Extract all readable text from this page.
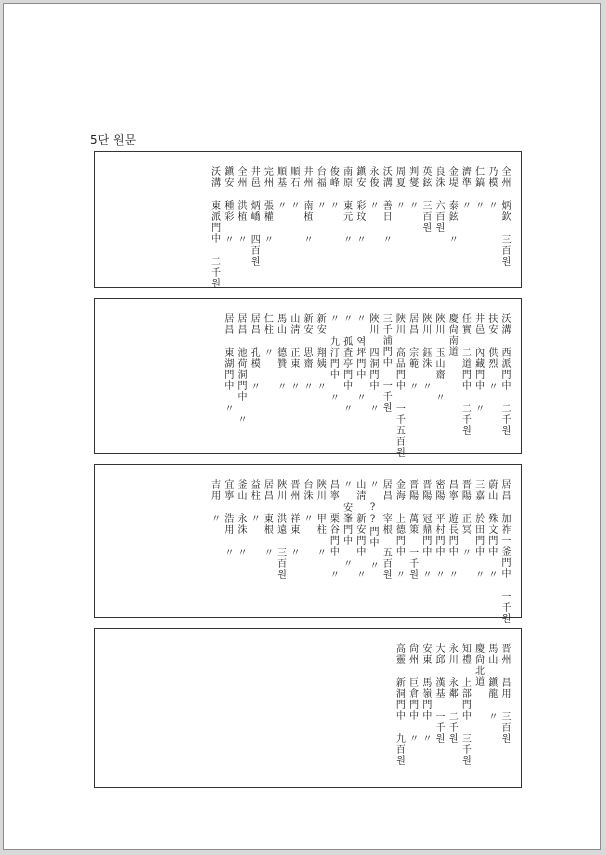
5단 원문
全州 炳欽 三百원
乃模 〃
仁鎬 〃
濟準 〃
金堤 泰鉉 〃
良洙 六百원
英鉉 三百원
判燮 〃
周夏 〃
沃溝 善日 〃
永俊 〃
鎭安 彩玟 〃
南原 東元 〃
俊峰 〃
台福 〃
井州 南植 〃
順石 〃
順基 〃
完州 張權 〃
井邑 炳嶠 四百원
全州 洪植 〃
鎭安 種彩 〃
沃溝 東派門中 二千원
沃溝 西派門中 二千원
扶安 供烈 〃
井邑 內藏門中 〃
任實 二道門中 二千원
慶尙南道
陜川 玉山齋 〃
陜川 鈺洙 〃
居昌 宗範 〃
陜川 高品門中 一千五百원
三千浦門中 一千원
陜川 四洞門中 〃
〃 역坪門中 〃
〃 孤査亭門中 〃
〃 九汀門中 〃
新安 翔姨 〃
新安 思齋 〃
山淸 正東 〃
馬山 德贊 〃
仁柱 〃
居昌 孔模 〃
居昌 池荷洞門中 〃
居昌 東湖門中 〃
居昌 加祚一釜門中 一千원
蔚山 殊文門中 〃
三嘉 於田門中 〃
晋陽 正冥 〃
昌寧 遊長門中 〃
密陽 平村門中 〃
晋陽 冠鼎門中 〃
晋陽 萬策 一千원
金海 上德門中 〃
居昌 宰根 五百원
〃 ??門中 〃
山淸 新安門中 〃
〃 安峯門中 〃
昌寧 栗谷門中 〃
陜川 甲柱 〃
台洙 〃
晋州 祥東 〃
陜川 洪遠 三百원
居昌 東根 〃
益柱 〃
釜山 永洙 〃
宜寧 浩用 〃
吉用 〃
晋州 昌用 三百원
馬山 鎭龍 〃
慶尙北道
知禮 上部門中 三千원
永川 永鄰 二千원
大邱 漢基 一千원
安東 馬嶺門中 〃
尙州 巨倉門中 〃
高靈 新洞門中 九百원
